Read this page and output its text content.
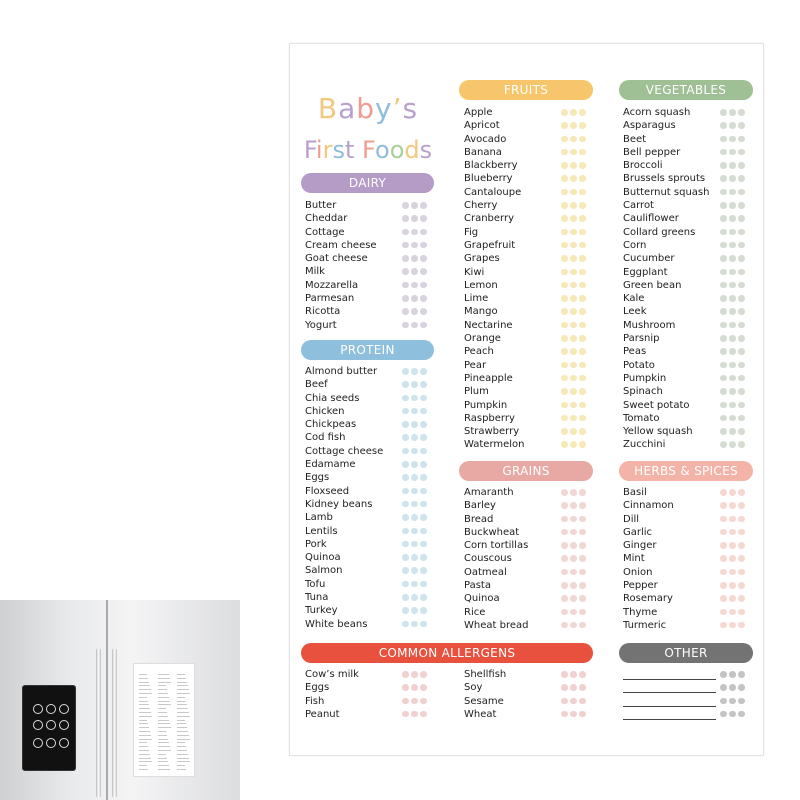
Baby’s
First Foods
DAIRY
Butter
Cheddar
Cottage
Cream cheese
Goat cheese
Milk
Mozzarella
Parmesan
Ricotta
Yogurt
PROTEIN
Almond butter
Beef
Chia seeds
Chicken
Chickpeas
Cod fish
Cottage cheese
Edamame
Eggs
Floxseed
Kidney beans
Lamb
Lentils
Pork
Quinoa
Salmon
Tofu
Tuna
Turkey
White beans
FRUITS
Apple
Apricot
Avocado
Banana
Blackberry
Blueberry
Cantaloupe
Cherry
Cranberry
Fig
Grapefruit
Grapes
Kiwi
Lemon
Lime
Mango
Nectarine
Orange
Peach
Pear
Pineapple
Plum
Pumpkin
Raspberry
Strawberry
Watermelon
GRAINS
Amaranth
Barley
Bread
Buckwheat
Corn tortillas
Couscous
Oatmeal
Pasta
Quinoa
Rice
Wheat bread
VEGETABLES
Acorn squash
Asparagus
Beet
Bell pepper
Broccoli
Brussels sprouts
Butternut squash
Carrot
Cauliflower
Collard greens
Corn
Cucumber
Eggplant
Green bean
Kale
Leek
Mushroom
Parsnip
Peas
Potato
Pumpkin
Spinach
Sweet potato
Tomato
Yellow squash
Zucchini
HERBS & SPICES
Basil
Cinnamon
Dill
Garlic
Ginger
Mint
Onion
Pepper
Rosemary
Thyme
Turmeric
COMMON ALLERGENS
Cow’s milk
Eggs
Fish
Peanut
Shellfish
Soy
Sesame
Wheat
OTHER
